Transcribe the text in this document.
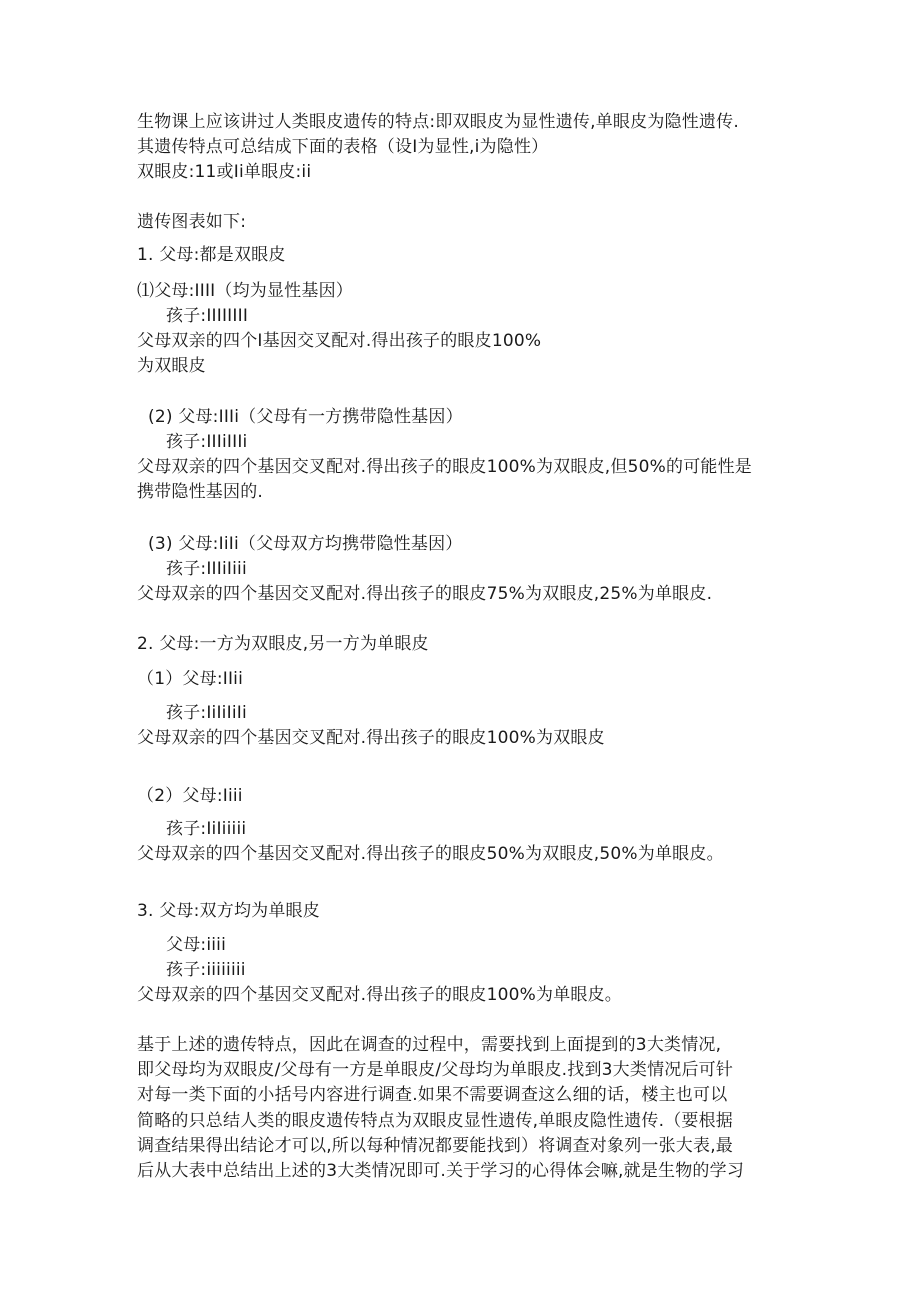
生物课上应该讲过人类眼皮遗传的特点:即双眼皮为显性遗传,单眼皮为隐性遗传.
其遗传特点可总结成下面的表格（设I为显性,i为隐性）
双眼皮:11或Ii单眼皮:ii
遗传图表如下:
1. 父母:都是双眼皮
⑴父母:IIII（均为显性基因）
孩子:IIIIIIII
父母双亲的四个I基因交叉配对.得出孩子的眼皮100%
为双眼皮
(2) 父母:IIIi（父母有一方携带隐性基因）
孩子:IIIiIIIi
父母双亲的四个基因交叉配对.得出孩子的眼皮100%为双眼皮,但50%的可能性是
携带隐性基因的.
(3) 父母:IiIi（父母双方均携带隐性基因）
孩子:IIIiIiii
父母双亲的四个基因交叉配对.得出孩子的眼皮75%为双眼皮,25%为单眼皮.
2. 父母:一方为双眼皮,另一方为单眼皮
（1）父母:IIii
孩子:IiIiIiIi
父母双亲的四个基因交叉配对.得出孩子的眼皮100%为双眼皮
（2）父母:Iiii
孩子:IiIiiiii
父母双亲的四个基因交叉配对.得出孩子的眼皮50%为双眼皮,50%为单眼皮。
3. 父母:双方均为单眼皮
父母:iiii
孩子:iiiiiiii
父母双亲的四个基因交叉配对.得出孩子的眼皮100%为单眼皮。
基于上述的遗传特点，因此在调查的过程中，需要找到上面提到的3大类情况,
即父母均为双眼皮/父母有一方是单眼皮/父母均为单眼皮.找到3大类情况后可针
对每一类下面的小括号内容进行调查.如果不需要调查这么细的话，楼主也可以
简略的只总结人类的眼皮遗传特点为双眼皮显性遗传,单眼皮隐性遗传.（要根据
调查结果得出结论才可以,所以每种情况都要能找到）将调查对象列一张大表,最
后从大表中总结出上述的3大类情况即可.关于学习的心得体会嘛,就是生物的学习
